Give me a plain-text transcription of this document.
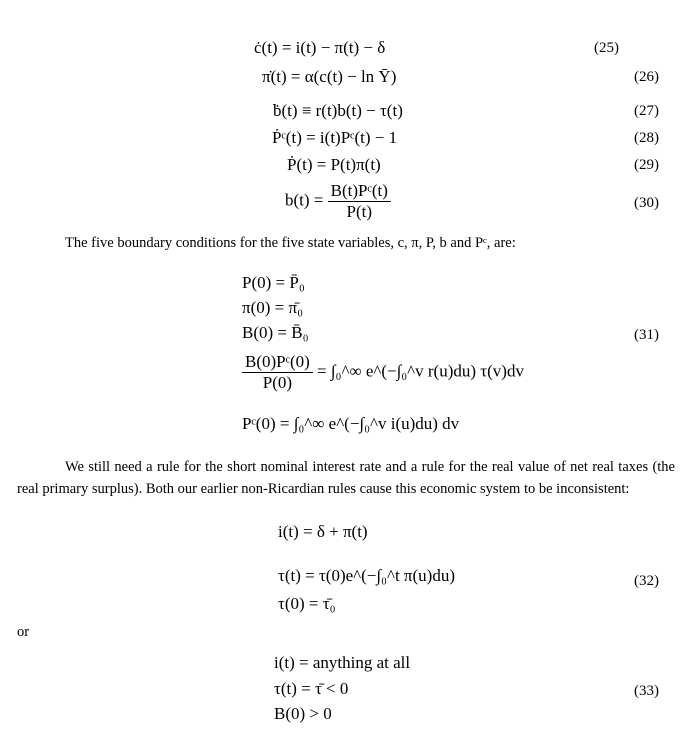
ċ(t) = i(t) − π(t) − δ	(25)
π̇(t) = α(c(t) − ln Ȳ)	(26)
ḃ(t) ≡ r(t)b(t) − τ(t)	(27)
Ṗᶜ(t) = i(t)Pᶜ(t) − 1	(28)
Ṗ(t) = P(t)π(t)	(29)
$b(t) = \frac{\text{B(t)Pᶜ(t)}}{P(t)}$	(30)
The five boundary conditions for the five state variables, c, π, P, b and Pᶜ, are:
P(0) = P̄₀
π(0) = π̄₀
B(0) = B̄₀	(31)
$\frac{\text{B(0)Pᶜ(0)}}{P(0)}$ = ∫₀^∞ e^(−∫₀^v r(u)du) τ(v)dv
Pᶜ(0) = ∫₀^∞ e^(−∫₀^v i(u)du) dv
We still need a rule for the short nominal interest rate and a rule for the real value of net real taxes (the real primary surplus). Both our earlier non-Ricardian rules cause this economic system to be inconsistent:
i(t) = δ + π(t)
τ(t) = τ(0)e^(−∫₀^t π(u)du)
τ(0) = τ̄₀
(32)
or
i(t) = anything at all
τ(t) = τ̄ < 0
B(0) > 0
(33)
